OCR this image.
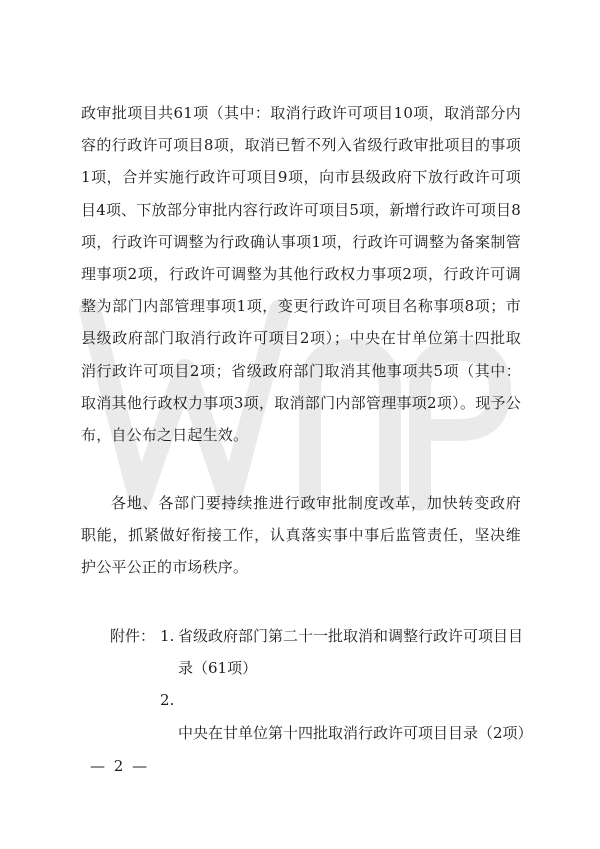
政审批项目共61项（其中：取消行政许可项目10项，取消部分内容的行政许可项目8项，取消已暂不列入省级行政审批项目的事项1项，合并实施行政许可项目9项，向市县级政府下放行政许可项目4项、下放部分审批内容行政许可项目5项，新增行政许可项目8项，行政许可调整为行政确认事项1项，行政许可调整为备案制管理事项2项，行政许可调整为其他行政权力事项2项，行政许可调整为部门内部管理事项1项，变更行政许可项目名称事项8项；市县级政府部门取消行政许可项目2项）；中央在甘单位第十四批取消行政许可项目2项；省级政府部门取消其他事项共5项（其中：取消其他行政权力事项3项，取消部门内部管理事项2项）。现予公布，自公布之日起生效。
各地、各部门要持续推进行政审批制度改革，加快转变政府职能，抓紧做好衔接工作，认真落实事中事后监管责任，坚决维护公平公正的市场秩序。
附件： 1. 省级政府部门第二十一批取消和调整行政许可项目目录（61项）
2.中央在甘单位第十四批取消行政许可项目目录（2项）
— 2 —
